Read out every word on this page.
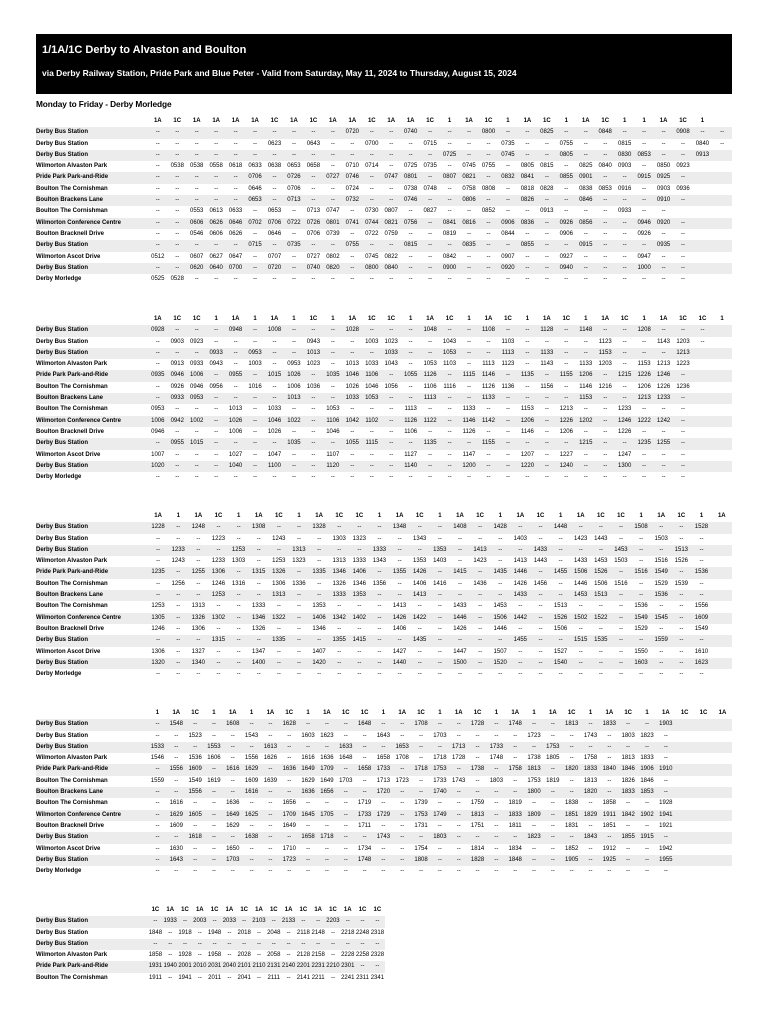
1/1A/1C Derby to Alvaston and Boulton
via Derby Railway Station, Pride Park and Blue Peter - Valid from Saturday, May 11, 2024 to Thursday, August 15, 2024
Monday to Friday - Derby Morledge
	1A	1C	1A	1A	1A	1A	1C	1A	1C	1A	1A	1C	1A	1A	1C	1	1A	1C	1	1A	1C	1	1A	1C	1	1	1A	1C	1	
Derby Bus Station	--	--	--	--	--	--	--	--	--	--	0720	--	--	0740	--	--	--	0800	--	--	0825	--	--	0848	--	--	--	0908	--	--
Derby Bus Station	--	--	--	--	--	--	0623	--	0643	--	--	0700	--	--	0715	--	--	--	0735	--	--	0755	--	--	0815	--	--	--	0840	--
Derby Bus Station	--	--	--	--	--	--	--	--	--	--	--	--	--	--	--	0725	--	--	0745	--	--	0805	--	--	0830	0853	--	--	0913	
Wilmorton Alvaston Park	--	0538	0538	0558	0618	0633	0638	0653	0658	--	0710	0714	--	0725	0735	--	0745	0755	--	0805	0815	--	0825	0840	0903	--	0850	0923		
Pride Park Park-and-Ride	--	--	--	--	--	0706	--	0726	--	0727	0746	--	0747	0801	--	0807	0821	--	0832	0841	--	0855	0901	--	--	0915	0925	--		
Boulton The Cornishman	--	--	--	--	--	0646	--	0706	--	--	0724	--	--	0738	0748	--	0758	0808	--	0818	0828	--	0838	0853	0916	--	0903	0936		
Boulton Brackens Lane	--	--	--	--	--	0653	--	0713	--	--	0732	--	--	0746	--	--	0806	--	--	0826	--	--	0846	--	--	--	0910	--		
Boulton The Cornishman	--	--	0553	0613	0633	--	0653	--	0713	0747	--	0730	0807	--	0827	--	--	0852	--	--	0913	--	--	--	0933	--	--			
Wilmorton Conference Centre	--	--	0606	0626	0646	0702	0706	0722	0726	0801	0741	0744	0821	0756	--	0841	0816	--	0906	0836	--	0926	0856	--	--	0946	0920	--		
Boulton Bracknell Drive	--	--	0546	0606	0626	--	0646	--	0706	0739	--	0722	0759	--	--	0819	--	--	0844	--	--	0906	--	--	--	0926	--	--		
Derby Bus Station	--	--	--	--	--	0715	--	0735	--	--	0755	--	--	0815	--	--	0835	--	--	0855	--	--	0915	--	--	--	0935	--		
Wilmorton Ascot Drive	0512	--	0607	0627	0647	--	0707	--	0727	0802	--	0745	0822	--	--	0842	--	--	0907	--	--	0927	--	--	--	0947	--	--		
Derby Bus Station	--	--	0620	0640	0700	--	0720	--	0740	0820	--	0800	0840	--	--	0900	--	--	0920	--	--	0940	--	--	--	1000	--	--		
Derby Morledge	0525	0528	--	--	--	--	--	--	--	--	--	--	--	--	--	--	--	--	--	--	--	--	--	--	--	--	--	--		
	1A	1C	1C	1	1A	1	1A	1	1C	1	1A	1C	1C	1	1A	1C	1	1A	1C	1	1A	1C	1	1A	1C	1	1A	1C	1C	1
Derby Bus Station	0928	--	--	--	0948	--	1008	--	--	--	1028	--	--	--	1048	--	--	1108	--	--	1128	--	1148	--	--	1208	--	--	--	
Derby Bus Station	--	0903	0923	--	--	--	--	--	0943	--	--	1003	1023	--	--	1043	--	--	1103	--	--	--	--	1123	--	--	1143	1203	--	
Derby Bus Station	--	--	--	0933	--	0953	--	--	1013	--	--	--	1033	--	--	1053	--	--	1113	--	1133	--	--	1153	--	--	--	1213		
Wilmorton Alvaston Park	--	0913	0933	0943	--	1003	--	0953	1023	--	1013	1033	1043	--	1053	1103	--	1113	1123	--	1143	--	1133	1203	--	1153	1213	1223		
Pride Park Park-and-Ride	0935	0946	1006	--	0955	--	1015	1026	--	1035	1046	1106	--	1055	1126	--	1115	1146	--	1135	--	1155	1206	--	1215	1226	1246	--		
Boulton The Cornishman	--	0926	0946	0956	--	1016	--	1006	1036	--	1026	1046	1056	--	1106	1116	--	1126	1136	--	1156	--	1146	1216	--	1206	1226	1236		
Boulton Brackens Lane	--	0933	0953	--	--	--	--	1013	--	--	1033	1053	--	--	1113	--	--	1133	--	--	--	--	1153	--	--	1213	1233	--		
Boulton The Cornishman	0953	--	--	--	1013	--	1033	--	--	1053	--	--	--	1113	--	--	1133	--	--	1153	--	1213	--	--	1233	--	--	--		
Wilmorton Conference Centre	1006	0942	1002	--	1026	--	1046	1022	--	1106	1042	1102	--	1126	1122	--	1146	1142	--	1206	--	1226	1202	--	1246	1222	1242	--		
Boulton Bracknell Drive	0946	--	--	--	1006	--	1026	--	--	1046	--	--	--	1106	--	--	1126	--	--	1146	--	1206	--	--	1226	--	--	--		
Derby Bus Station	--	0955	1015	--	--	--	--	1035	--	--	1055	1115	--	--	1135	--	--	1155	--	--	--	--	1215	--	--	1235	1255	--		
Wilmorton Ascot Drive	1007	--	--	--	1027	--	1047	--	--	1107	--	--	--	1127	--	--	1147	--	--	1207	--	1227	--	--	1247	--	--	--		
Derby Bus Station	1020	--	--	--	1040	--	1100	--	--	1120	--	--	--	1140	--	--	1200	--	--	1220	--	1240	--	--	1300	--	--	--		
Derby Morledge	--	--	--	--	--	--	--	--	--	--	--	--	--	--	--	--	--	--	--	--	--	--	--	--	--	--	--	--		
	1A	1	1A	1C	1	1A	1C	1	1A	1C	1C	1	1A	1C	1	1A	1C	1	1A	1C	1	1A	1C	1C	1	1A	1C	1	1A
Derby Bus Station	1228	--	1248	--	--	1308	--	--	1328	--	--	--	1348	--	--	1408	--	1428	--	--	1448	--	--	--	1508	--	--	1528	
Derby Bus Station	--	--	--	1223	--	--	1243	--	--	1303	1323	--	--	1343	--	--	--	--	1403	--	--	1423	1443	--	--	1503	--	--	
Derby Bus Station	--	1233	--	--	1253	--	--	1313	--	--	--	1333	--	--	1353	--	1413	--	--	1433	--	--	--	1453	--	--	1513	--	
Wilmorton Alvaston Park	--	1243	--	1233	1303	--	1253	1323	--	1313	1333	1343	--	1353	1403	--	1423	--	1413	1443	--	1433	1453	1503	--	1516	1526	--	
Pride Park Park-and-Ride	1235	--	1255	1306	--	1315	1326	--	1335	1346	1406	--	1355	1426	--	1415	--	1435	1446	--	1455	1506	1526	--	1516	1549	--	1536	
Boulton The Cornishman	--	1256	--	1246	1316	--	1306	1336	--	1326	1346	1356	--	1406	1416	--	1436	--	1426	1456	--	1446	1506	1516	--	1529	1539	--	
Boulton Brackens Lane	--	--	--	1253	--	--	1313	--	--	1333	1353	--	--	1413	--	--	--	--	1433	--	--	1453	1513	--	--	1536	--	--	
Boulton The Cornishman	1253	--	1313	--	--	1333	--	--	1353	--	--	--	1413	--	--	1433	--	1453	--	--	1513	--	--	--	1536	--	--	1556	
Wilmorton Conference Centre	1305	--	1326	1302	--	1346	1322	--	1406	1342	1402	--	1426	1422	--	1446	--	1506	1442	--	1526	1502	1522	--	1549	1545	--	1609	
Boulton Bracknell Drive	1246	--	1306	--	--	1326	--	--	1346	--	--	--	1406	--	--	1426	--	1446	--	--	1506	--	--	--	1529	--	--	1549	
Derby Bus Station	--	--	--	1315	--	--	1335	--	--	1355	1415	--	--	1435	--	--	--	--	1455	--	--	1515	1535	--	--	1559	--	--	
Wilmorton Ascot Drive	1306	--	1327	--	--	1347	--	--	1407	--	--	--	1427	--	--	1447	--	1507	--	--	1527	--	--	--	1550	--	--	1610	
Derby Bus Station	1320	--	1340	--	--	1400	--	--	1420	--	--	--	1440	--	--	1500	--	1520	--	--	1540	--	--	--	1603	--	--	1623	
Derby Morledge	--	--	--	--	--	--	--	--	--	--	--	--	--	--	--	--	--	--	--	--	--	--	--	--	--	--	--	--	
	1	1A	1C	1	1A	1	1A	1C	1	1A	1C	1C	1	1A	1C	1	1A	1C	1	1A	1	1A	1C	1	1A	1C	1	1A	1C	1C	1A
Derby Bus Station	--	1548	--	--	1608	--	--	1628	--	--	--	1648	--	--	1708	--	--	1728	--	1748	--	--	1813	--	1833	--	--	1903			
Derby Bus Station	--	--	1523	--	--	1543	--	--	1603	1623	--	--	1643	--	--	1703	--	--	--	--	1723	--	--	1743	--	1803	1823	--			
Derby Bus Station	1533	--	--	1553	--	--	1613	--	--	--	1633	--	--	1653	--	--	1713	--	1733	--	--	1753	--	--	--	--	--	--			
Wilmorton Alvaston Park	1546	--	1536	1606	--	1556	1626	--	1616	1636	1648	--	1658	1708	--	1718	1728	--	1748	--	1738	1805	--	1758	--	1813	1833	--			
Pride Park Park-and-Ride	--	1556	1609	--	1616	1629	--	1636	1649	1709	--	1658	1733	--	1718	1753	--	1738	--	1758	1813	--	1820	1833	1840	1846	1906	1910			
Boulton The Cornishman	1559	--	1549	1619	--	1609	1639	--	1629	1649	1703	--	1713	1723	--	1733	1743	--	1803	--	1753	1819	--	1813	--	1826	1846	--			
Boulton Brackens Lane	--	--	1556	--	--	1616	--	--	1636	1656	--	--	1720	--	--	1740	--	--	--	--	1800	--	--	1820	--	1833	1853	--			
Boulton The Cornishman	--	1616	--	--	1636	--	--	1656	--	--	--	1719	--	--	1739	--	--	1759	--	1819	--	--	1838	--	1858	--	--	1928			
Wilmorton Conference Centre	--	1629	1605	--	1649	1625	--	1709	1645	1705	--	1733	1729	--	1753	1749	--	1813	--	1833	1809	--	1851	1829	1911	1842	1902	1941			
Boulton Bracknell Drive	--	1609	--	--	1629	--	--	1649	--	--	--	1711	--	--	1731	--	--	1751	--	1811	--	--	1831	--	1851	--	--	1921			
Derby Bus Station	--	--	1618	--	--	1638	--	--	1658	1718	--	--	1743	--	--	1803	--	--	--	--	1823	--	--	1843	--	1855	1915	--			
Wilmorton Ascot Drive	--	1630	--	--	1650	--	--	1710	--	--	--	1734	--	--	1754	--	--	1814	--	1834	--	--	1852	--	1912	--	--	1942			
Derby Bus Station	--	1643	--	--	1703	--	--	1723	--	--	--	1748	--	--	1808	--	--	1828	--	1848	--	--	1905	--	1925	--	--	1955			
Derby Morledge	--	--	--	--	--	--	--	--	--	--	--	--	--	--	--	--	--	--	--	--	--	--	--	--	--	--	--	--			
	1C	1A	1C	1A	1C	1A	1C	1A	1C	1A	1C	1A	1C	1A	1C	1C
Derby Bus Station	--	1933	--	2003	--	2033	--	2103	--	2133	--	--	2203	--	--	--
Derby Bus Station	1848	--	1918	--	1948	--	2018	--	2048	--	2118	2148	--	2218	2248	2318
Derby Bus Station	--	--	--	--	--	--	--	--	--	--	--	--	--	--	--	--
Wilmorton Alvaston Park	1858	--	1928	--	1958	--	2028	--	2058	--	2128	2158	--	2228	2258	2328
Pride Park Park-and-Ride	1931	1940	2001	2010	2031	2040	2101	2110	2131	2140	2201	2231	2210	2301	--	--
Boulton The Cornishman	1911	--	1941	--	2011	--	2041	--	2111	--	2141	2211	--	2241	2311	2341
